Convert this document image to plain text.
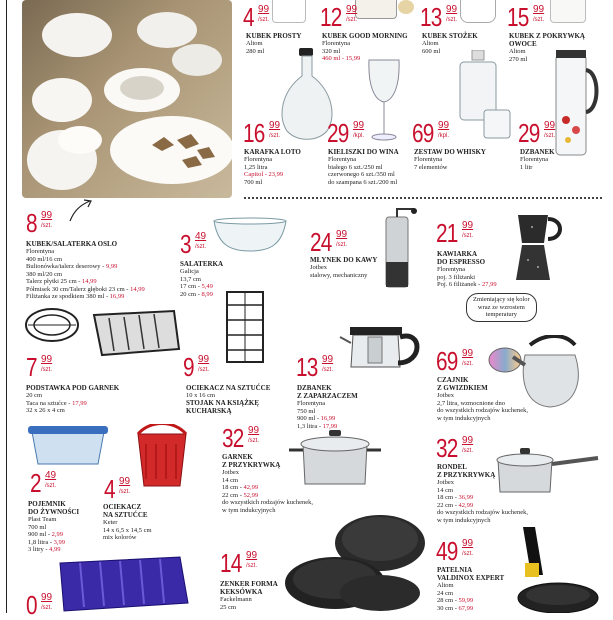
4 99
/szt.
KUBEK PROSTY
Altom
280 ml
12 99
/szt.
KUBEK GOOD MORNING
Florentyna
320 ml
460 ml - 15,99
13 99
/szt.
KUBEK STOŻEK
Altom
600 ml
15 99
/szt.
KUBEK Z POKRYWKĄ
OWOCE
Altom
270 ml
16 99
/szt.
KARAFKA LOTO
Florentyna
1,25 litra
Capitol - 23,99
700 ml
29 99
/kpl.
KIELISZKI DO WINA
Florentyna
białego 6 szt./250 ml
czerwonego 6 szt./350 ml
do szampana 6 szt./200 ml
69 99
/kpl.
ZESTAW DO WHISKY
Florentyna
7 elementów
29 99
/szt.
DZBANEK
Florentyna
1 litr
8 99
/szt.
KUBEK/SALATERKA OSLO
Florentyna
400 ml/16 cm
Bulionówka/talerz deserowy - 9,99
380 ml/20 cm
Talerz płytki 25 cm - 14,99
Półmisek 30 cm/Talerz głęboki 23 cm - 14,99
Filiżanka ze spodkiem 380 ml - 16,99
3 49
/szt.
SALATERKA
Galicja
13,7 cm
17 cm - 5,49
20 cm - 8,99
24 99
/szt.
MŁYNEK DO KAWY
Jotbex
stalowy, mechaniczny
21 99
/szt.
KAWIARKA
DO ESPRESSO
Florentyna
poj. 3 filiżanki
Poj. 6 filiżanek - 27,99
7 99
/szt.
PODSTAWKA POD GARNEK
20 cm
Taca na sztućce - 17,99
32 x 26 x 4 cm
9 99
/szt.
OCIEKACZ NA SZTUĆCE
10 x 16 cm
STOJAK NA KSIĄŻKĘ
KUCHARSKĄ
13 99
/szt.
DZBANEK
Z ZAPARZACZEM
Florentyna
750 ml
900 ml - 16,99
1,3 litra - 17,99
Zmieniający się kolor
wraz ze wzrostem
temperatury
69 99
/szt.
CZAJNIK
Z GWIZDKIEM
Jotbex
2,7 litra, wzmocnione dno
do wszystkich rodzajów kuchenek,
w tym indukcyjnych
2 49
/szt.
POJEMNIK
DO ŻYWNOŚCI
Plast Team
700 ml
900 ml - 2,99
1,8 litra - 3,99
3 litry - 4,99
4 99
/szt.
OCIEKACZ
NA SZTUĆCE
Keter
14 x 6,5 x 14,5 cm
mix kolorów
32 99
/szt.
GARNEK
Z PRZYKRYWKĄ
Jotbex
14 cm
18 cm - 42,99
22 cm - 52,99
do wszystkich rodzajów kuchenek,
w tym indukcyjnych
32 99
/szt.
RONDEL
Z PRZYKRYWKĄ
Jotbex
14 cm
18 cm - 36,99
22 cm - 42,99
do wszystkich rodzajów kuchenek,
w tym indukcyjnych
0 99
/szt.
14 99
/szt.
ZENKER FORMA
KEKSÓWKA
Fackelmann
25 cm
49 99
/szt.
PATELNIA
VALDINOX EXPERT
Altom
24 cm
28 cm - 59,99
30 cm - 67,99
